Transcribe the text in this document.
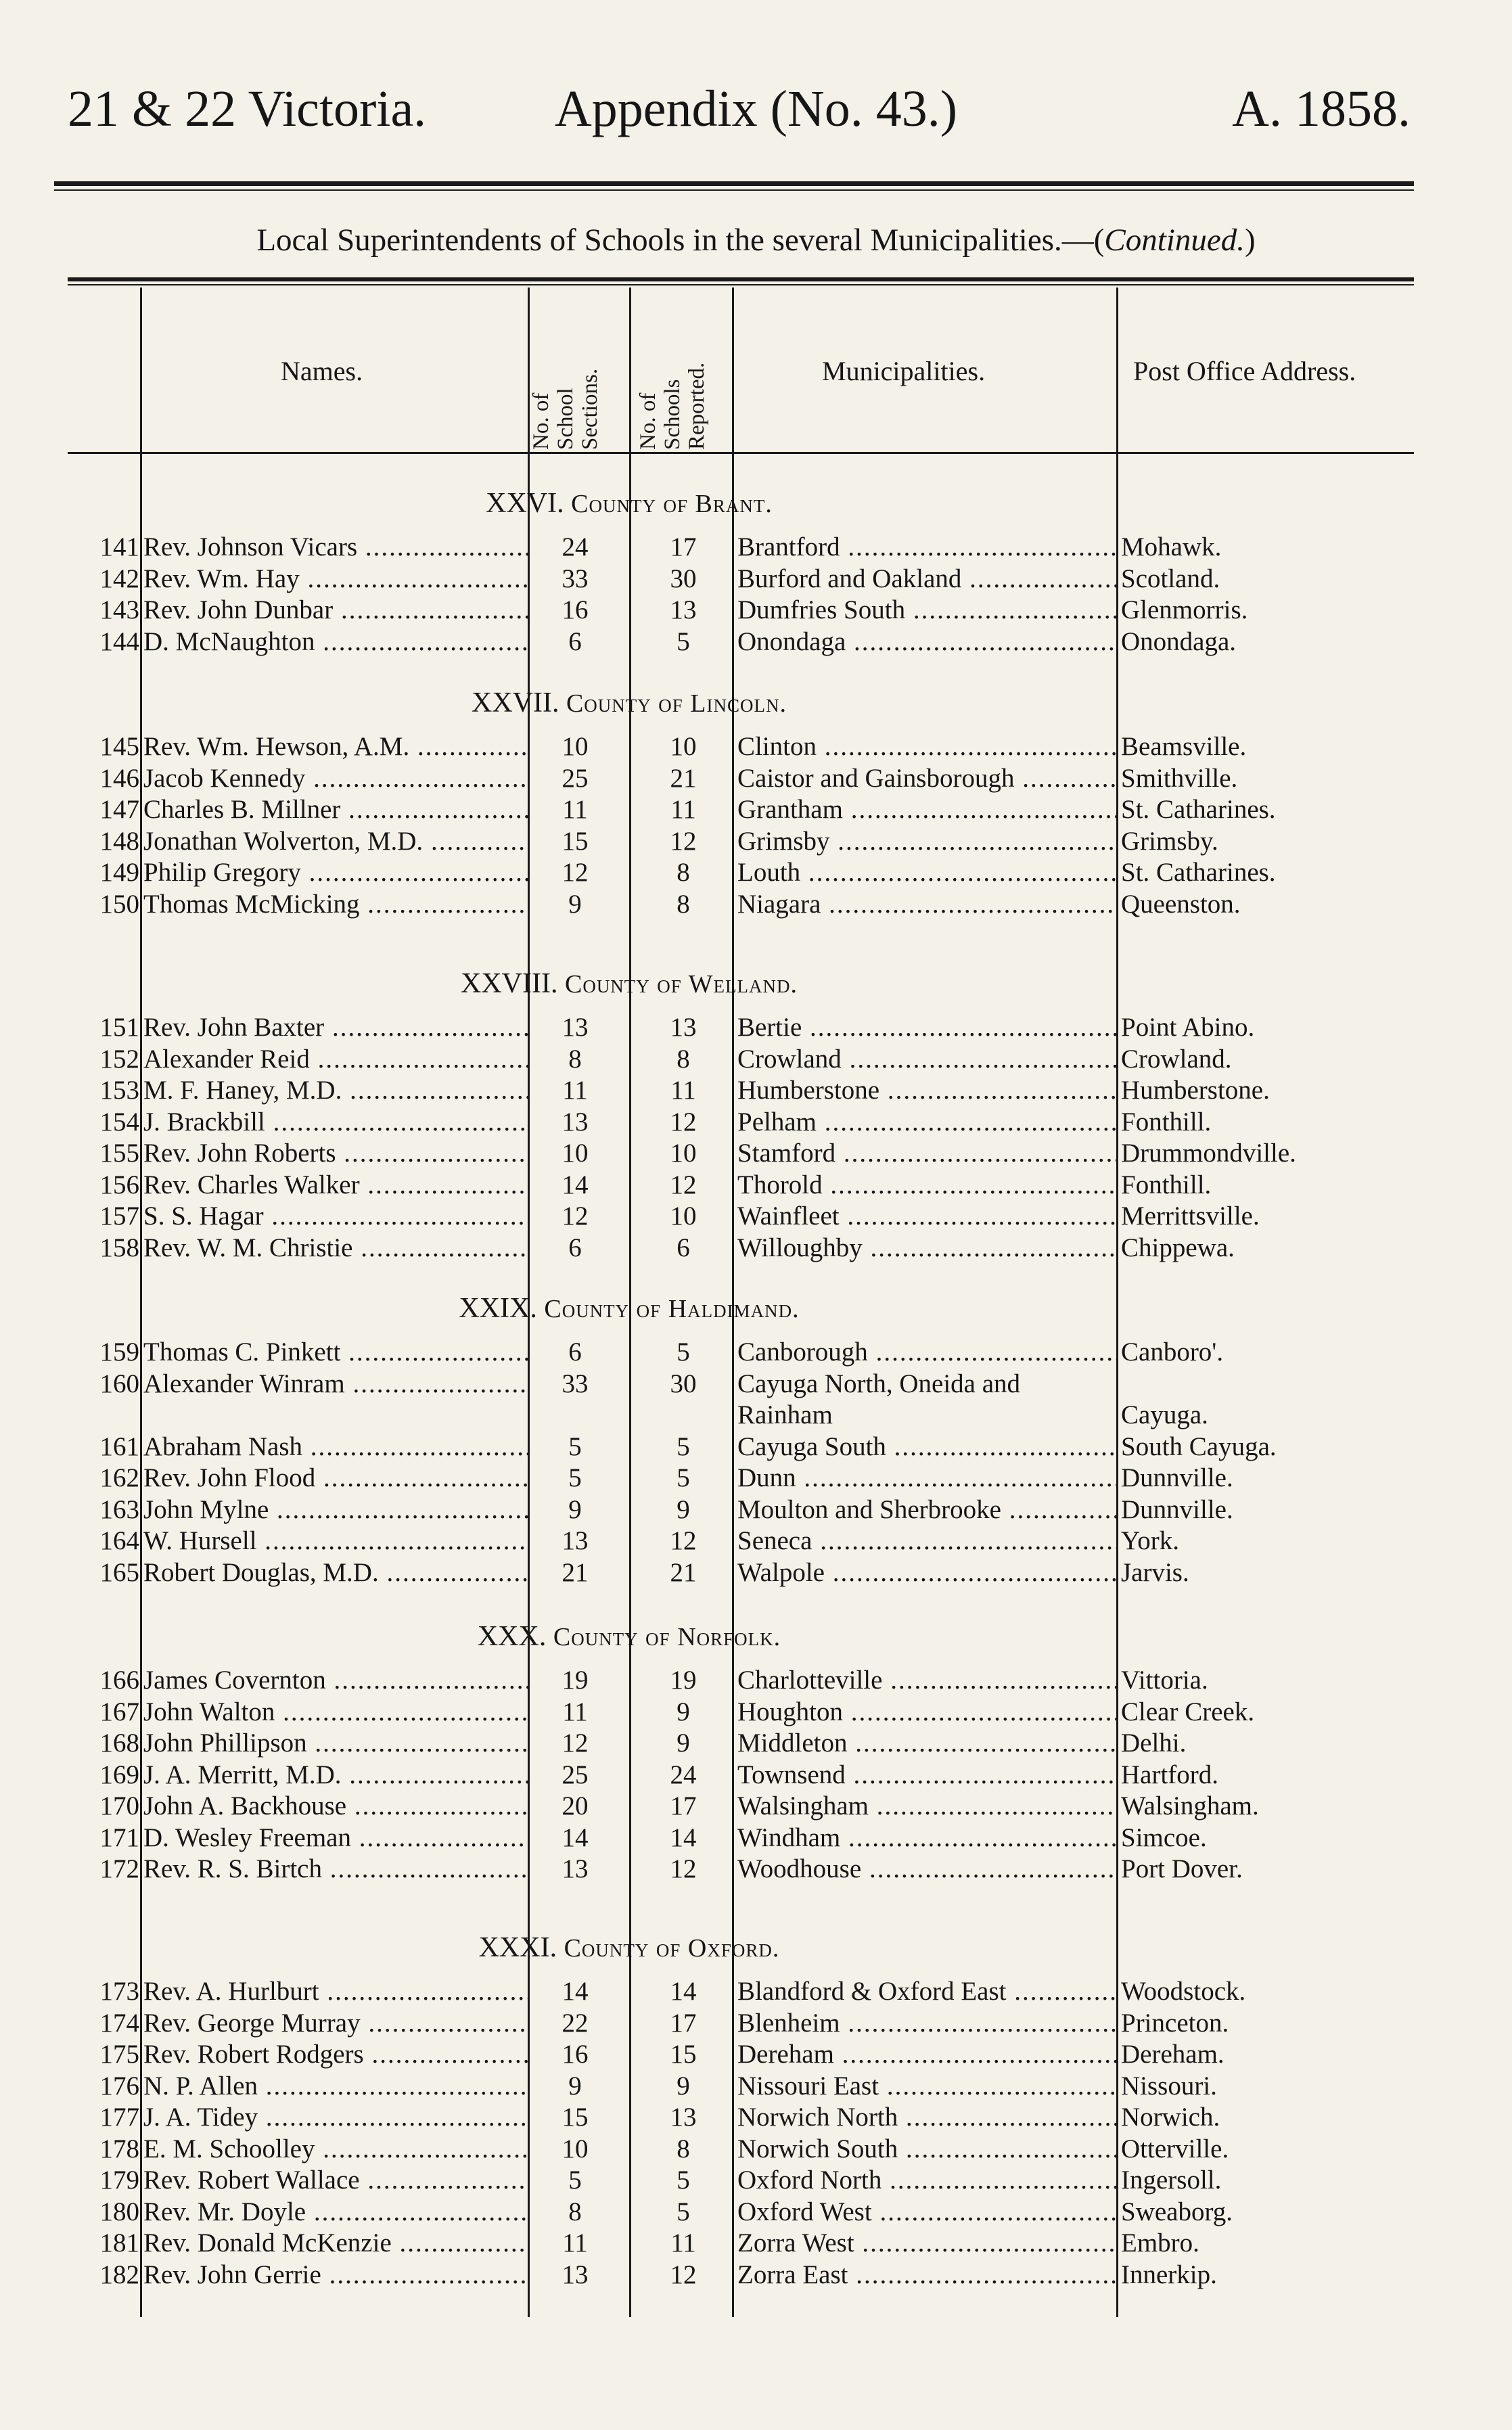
21 & 22 Victoria.	Appendix (No. 43.)	A. 1858.
Local Superintendents of Schools in the several Municipalities.—(Continued.)
Names.
No. of School Sections. No. of Schools Reported.	Municipalities.	Post Office Address.
XXVI. County of Brant.
141 Rev. Johnson Vicars .....	24	17	Brantford .....	Mohawk.
142 Rev. Wm. Hay .....	33	30	Burford and Oakland .....	Scotland.
143 Rev. John Dunbar .....	16	13	Dumfries South .....	Glenmorris.
144 D. McNaughton .....	6	5	Onondaga .....	Onondaga.
XXVII. County of Lincoln.
145 Rev. Wm. Hewson, A.M. .....	10	10	Clinton .....	Beamsville.
146 Jacob Kennedy .....	25	21	Caistor and Gainsborough .....	Smithville.
147 Charles B. Millner .....	11	11	Grantham .....	St. Catharines.
148 Jonathan Wolverton, M.D. .....	15	12	Grimsby .....	Grimsby.
149 Philip Gregory .....	12	8	Louth .....	St. Catharines.
150 Thomas McMicking .....	9	8	Niagara .....	Queenston.
XXVIII. County of Welland.
151 Rev. John Baxter .....	13	13	Bertie .....	Point Abino.
152 Alexander Reid .....	8	8	Crowland .....	Crowland.
153 M. F. Haney, M.D. .....	11	11	Humberstone .....	Humberstone.
154 J. Brackbill .....	13	12	Pelham .....	Fonthill.
155 Rev. John Roberts .....	10	10	Stamford .....	Drummondville.
156 Rev. Charles Walker .....	14	12	Thorold .....	Fonthill.
157 S. S. Hagar .....	12	10	Wainfleet .....	Merrittsville.
158 Rev. W. M. Christie .....	6	6	Willoughby .....	Chippewa.
XXIX. County of Haldimand.
159 Thomas C. Pinkett .....	6	5	Canborough .....	Canboro'.
160 Alexander Winram .....	33	30	Cayuga North, Oneida and Rainham	Cayuga.
161 Abraham Nash .....	5	5	Cayuga South .....	South Cayuga.
162 Rev. John Flood .....	5	5	Dunn .....	Dunnville.
163 John Mylne .....	9	9	Moulton and Sherbrooke .....	Dunnville.
164 W. Hursell .....	13	12	Seneca .....	York.
165 Robert Douglas, M.D. .....	21	21	Walpole .....	Jarvis.
XXX. County of Norfolk.
166 James Covernton .....	19	19	Charlotteville .....	Vittoria.
167 John Walton .....	11	9	Houghton .....	Clear Creek.
168 John Phillipson .....	12	9	Middleton .....	Delhi.
169 J. A. Merritt, M.D. .....	25	24	Townsend .....	Hartford.
170 John A. Backhouse .....	20	17	Walsingham .....	Walsingham.
171 D. Wesley Freeman .....	14	14	Windham .....	Simcoe.
172 Rev. R. S. Birtch .....	13	12	Woodhouse .....	Port Dover.
XXXI. County of Oxford.
173 Rev. A. Hurlburt .....	14	14	Blandford & Oxford East .....	Woodstock.
174 Rev. George Murray .....	22	17	Blenheim .....	Princeton.
175 Rev. Robert Rodgers .....	16	15	Dereham .....	Dereham.
176 N. P. Allen .....	9	9	Nissouri East .....	Nissouri.
177 J. A. Tidey .....	15	13	Norwich North .....	Norwich.
178 E. M. Schoolley .....	10	8	Norwich South .....	Otterville.
179 Rev. Robert Wallace .....	5	5	Oxford North .....	Ingersoll.
180 Rev. Mr. Doyle .....	8	5	Oxford West .....	Sweaborg.
181 Rev. Donald McKenzie .....	11	11	Zorra West .....	Embro.
182 Rev. John Gerrie .....	13	12	Zorra East .....	Innerkip.
